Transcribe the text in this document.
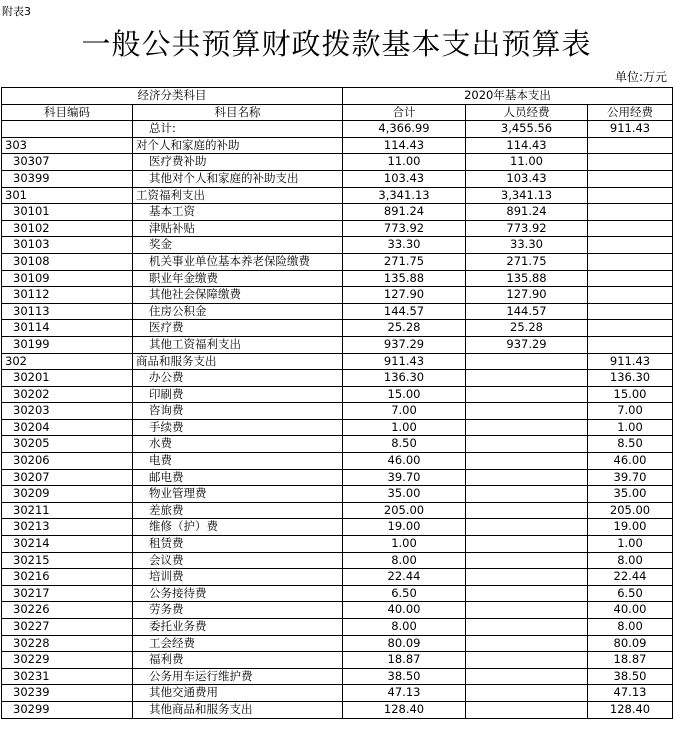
附表3
一般公共预算财政拨款基本支出预算表
单位:万元
经济分类科目		2020年基本支出		
科目编码	科目名称	合计	人员经费	公用经费
	总计:	4,366.99	3,455.56	911.43
303	对个人和家庭的补助	114.43	114.43	
30307	医疗费补助	11.00	11.00	
30399	其他对个人和家庭的补助支出	103.43	103.43	
301	工资福利支出	3,341.13	3,341.13	
30101	基本工资	891.24	891.24	
30102	津贴补贴	773.92	773.92	
30103	奖金	33.30	33.30	
30108	机关事业单位基本养老保险缴费	271.75	271.75	
30109	职业年金缴费	135.88	135.88	
30112	其他社会保障缴费	127.90	127.90	
30113	住房公积金	144.57	144.57	
30114	医疗费	25.28	25.28	
30199	其他工资福利支出	937.29	937.29	
302	商品和服务支出	911.43		911.43
30201	办公费	136.30		136.30
30202	印刷费	15.00		15.00
30203	咨询费	7.00		7.00
30204	手续费	1.00		1.00
30205	水费	8.50		8.50
30206	电费	46.00		46.00
30207	邮电费	39.70		39.70
30209	物业管理费	35.00		35.00
30211	差旅费	205.00		205.00
30213	维修（护）费	19.00		19.00
30214	租赁费	1.00		1.00
30215	会议费	8.00		8.00
30216	培训费	22.44		22.44
30217	公务接待费	6.50		6.50
30226	劳务费	40.00		40.00
30227	委托业务费	8.00		8.00
30228	工会经费	80.09		80.09
30229	福利费	18.87		18.87
30231	公务用车运行维护费	38.50		38.50
30239	其他交通费用	47.13		47.13
30299	其他商品和服务支出	128.40		128.40
